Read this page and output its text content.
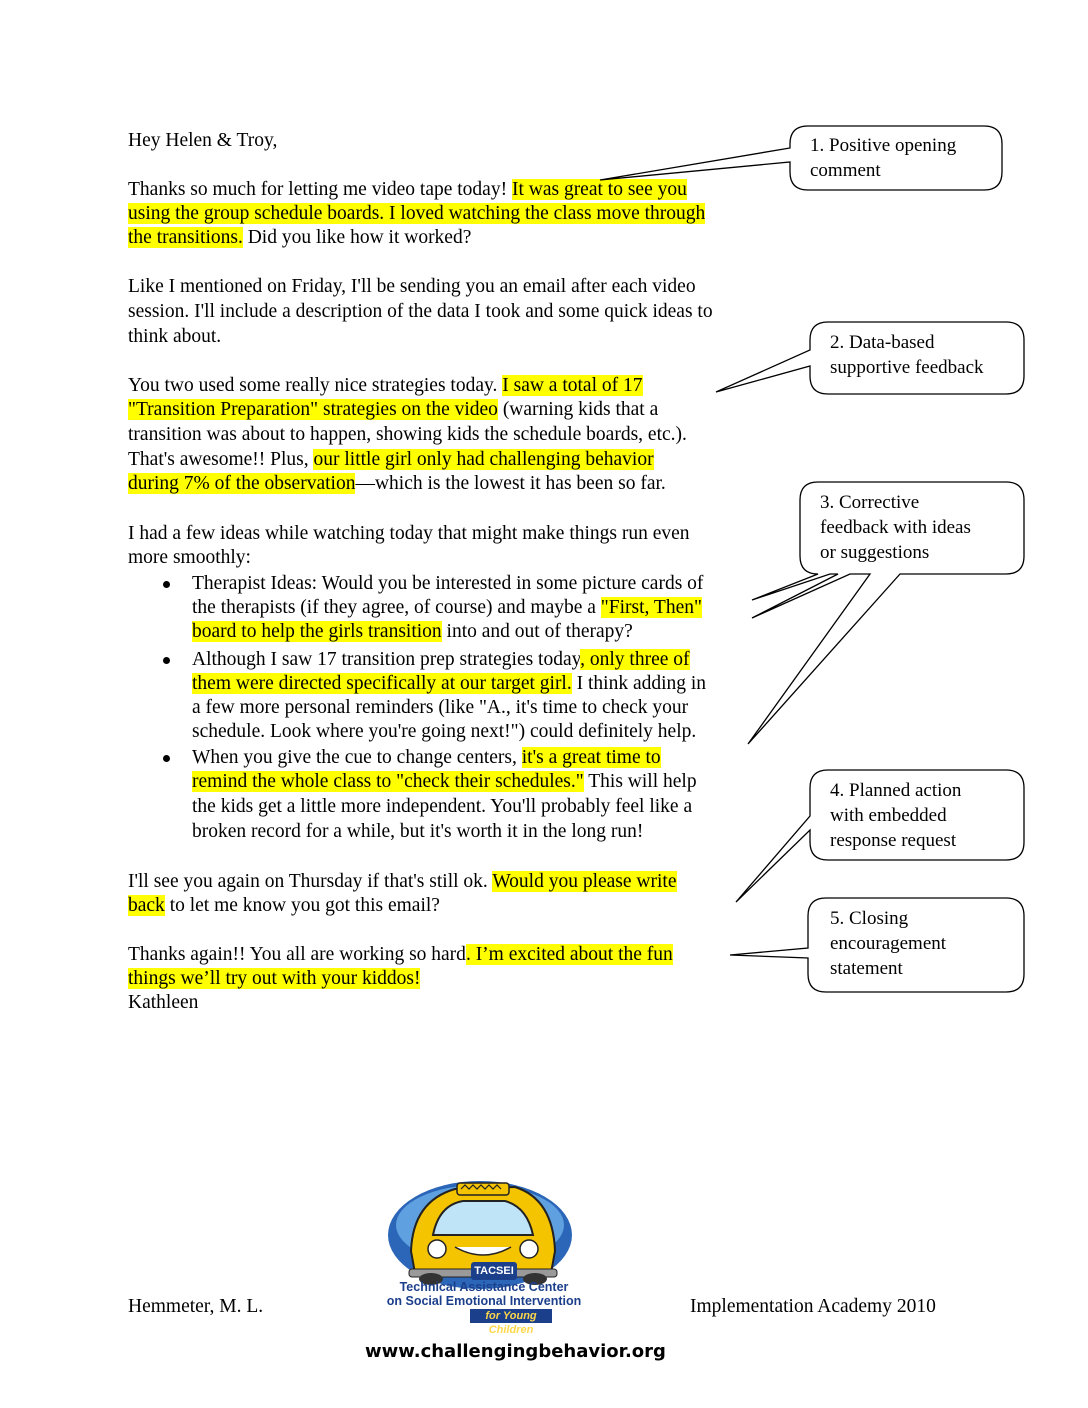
Hey Helen & Troy,
Thanks so much for letting me video tape today! It was great to see you
using the group schedule boards. I loved watching the class move through
the transitions. Did you like how it worked?
Like I mentioned on Friday, I'll be sending you an email after each video
session. I'll include a description of the data I took and some quick ideas to
think about.
You two used some really nice strategies today. I saw a total of 17
"Transition Preparation" strategies on the video (warning kids that a
transition was about to happen, showing kids the schedule boards, etc.).
That's awesome!! Plus, our little girl only had challenging behavior
during 7% of the observation—which is the lowest it has been so far.
I had a few ideas while watching today that might make things run even
more smoothly:
Therapist Ideas: Would you be interested in some picture cards of
the therapists (if they agree, of course) and maybe a "First, Then"
board to help the girls transition into and out of therapy?
Although I saw 17 transition prep strategies today, only three of
them were directed specifically at our target girl. I think adding in
a few more personal reminders (like "A., it's time to check your
schedule. Look where you're going next!") could definitely help.
When you give the cue to change centers, it's a great time to
remind the whole class to "check their schedules." This will help
the kids get a little more independent. You'll probably feel like a
broken record for a while, but it's worth it in the long run!
I'll see you again on Thursday if that's still ok. Would you please write
back to let me know you got this email?
Thanks again!! You all are working so hard. I’m excited about the fun
things we’ll try out with your kiddos!
Kathleen
1. Positive opening
comment
2. Data-based
supportive feedback
3. Corrective
feedback with ideas
or suggestions
4. Planned action
with embedded
response request
5. Closing
encouragement
statement
TACSEI
Technical Assistance Center
on Social Emotional Intervention
for Young Children
Hemmeter, M. L.	Implementation Academy 2010
www.challengingbehavior.org
